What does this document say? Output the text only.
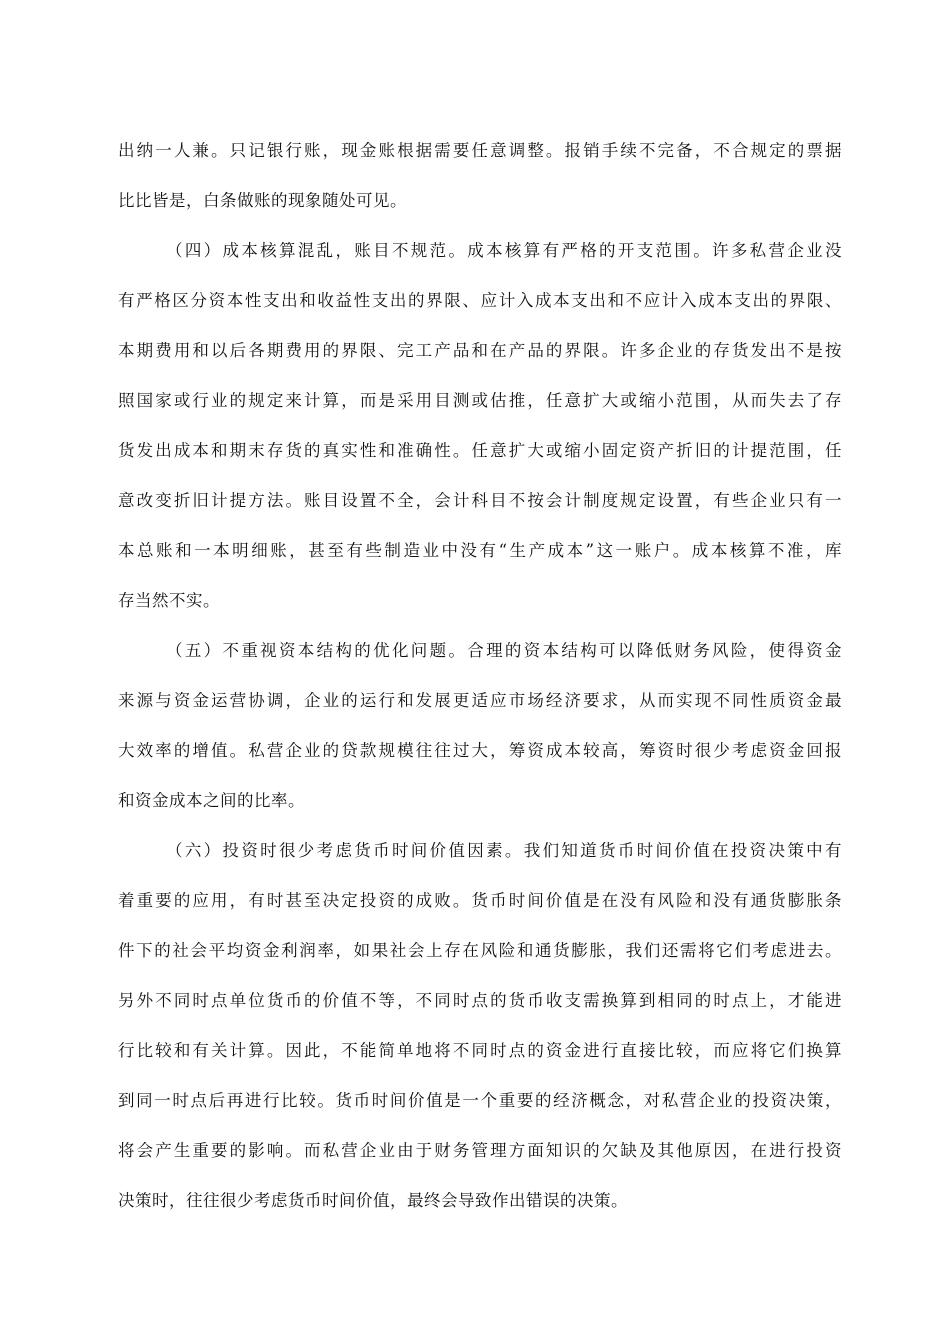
出纳一人兼。只记银行账，现金账根据需要任意调整。报销手续不完备，不合规定的票据
比比皆是，白条做账的现象随处可见。
（四）成本核算混乱，账目不规范。成本核算有严格的开支范围。许多私营企业没
有严格区分资本性支出和收益性支出的界限、应计入成本支出和不应计入成本支出的界限、
本期费用和以后各期费用的界限、完工产品和在产品的界限。许多企业的存货发出不是按
照国家或行业的规定来计算，而是采用目测或估推，任意扩大或缩小范围，从而失去了存
货发出成本和期末存货的真实性和准确性。任意扩大或缩小固定资产折旧的计提范围，任
意改变折旧计提方法。账目设置不全，会计科目不按会计制度规定设置，有些企业只有一
本总账和一本明细账，甚至有些制造业中没有“生产成本”这一账户。成本核算不准，库
存当然不实。
（五）不重视资本结构的优化问题。合理的资本结构可以降低财务风险，使得资金
来源与资金运营协调，企业的运行和发展更适应市场经济要求，从而实现不同性质资金最
大效率的增值。私营企业的贷款规模往往过大，筹资成本较高，筹资时很少考虑资金回报
和资金成本之间的比率。
（六）投资时很少考虑货币时间价值因素。我们知道货币时间价值在投资决策中有
着重要的应用，有时甚至决定投资的成败。货币时间价值是在没有风险和没有通货膨胀条
件下的社会平均资金利润率，如果社会上存在风险和通货膨胀，我们还需将它们考虑进去。
另外不同时点单位货币的价值不等，不同时点的货币收支需换算到相同的时点上，才能进
行比较和有关计算。因此，不能简单地将不同时点的资金进行直接比较，而应将它们换算
到同一时点后再进行比较。货币时间价值是一个重要的经济概念，对私营企业的投资决策，
将会产生重要的影响。而私营企业由于财务管理方面知识的欠缺及其他原因，在进行投资
决策时，往往很少考虑货币时间价值，最终会导致作出错误的决策。
